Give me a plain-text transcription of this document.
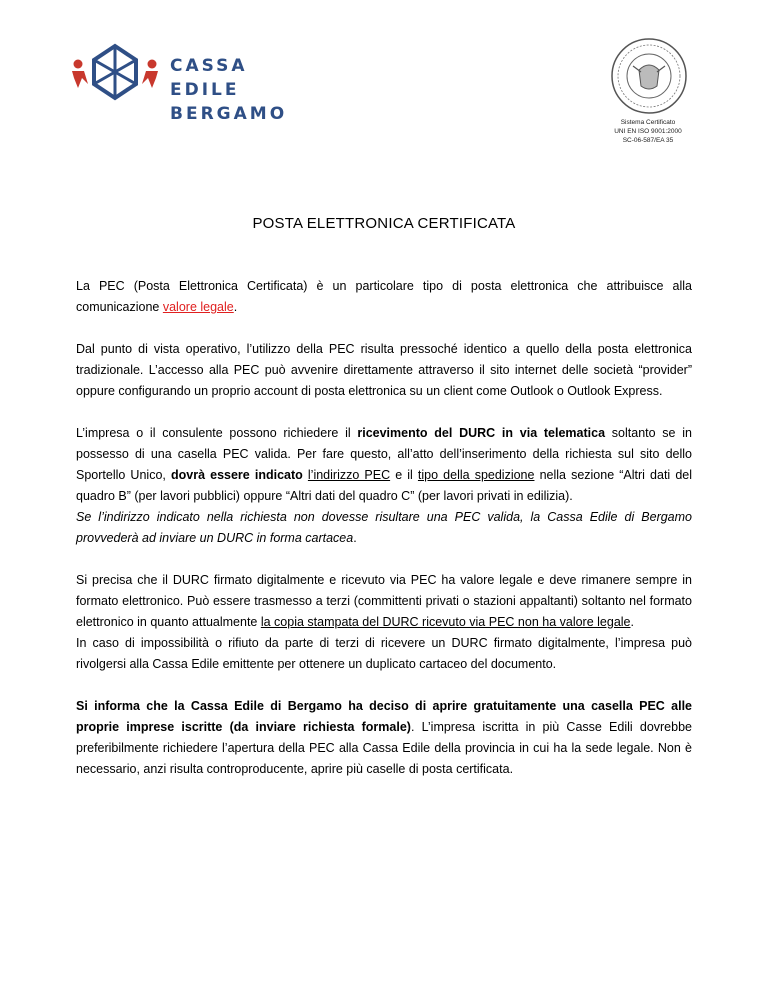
CASSA EDILE
BERGAMO	Sistema Certificato
UNI EN ISO 9001:2000
SC-06-587/EA 35
POSTA ELETTRONICA CERTIFICATA

La PEC (Posta Elettronica Certificata) è un particolare tipo di posta elettronica che attribuisce alla comunicazione valore legale.

Dal punto di vista operativo, l’utilizzo della PEC risulta pressoché identico a quello della posta elettronica tradizionale. L’accesso alla PEC può avvenire direttamente attraverso il sito internet delle società “provider” oppure configurando un proprio account di posta elettronica su un client come Outlook o Outlook Express.

L’impresa o il consulente possono richiedere il ricevimento del DURC in via telematica soltanto se in possesso di una casella PEC valida. Per fare questo, all’atto dell’inserimento della richiesta sul sito dello Sportello Unico, dovrà essere indicato l’indirizzo PEC e il tipo della spedizione nella sezione “Altri dati del quadro B” (per lavori pubblici) oppure “Altri dati del quadro C” (per lavori privati in edilizia).
Se l’indirizzo indicato nella richiesta non dovesse risultare una PEC valida, la Cassa Edile di Bergamo provvederà ad inviare un DURC in forma cartacea.

Si precisa che il DURC firmato digitalmente e ricevuto via PEC ha valore legale e deve rimanere sempre in formato elettronico. Può essere trasmesso a terzi (committenti privati o stazioni appaltanti) soltanto nel formato elettronico in quanto attualmente la copia stampata del DURC ricevuto via PEC non ha valore legale.
In caso di impossibilità o rifiuto da parte di terzi di ricevere un DURC firmato digitalmente, l’impresa può rivolgersi alla Cassa Edile emittente per ottenere un duplicato cartaceo del documento.

Si informa che la Cassa Edile di Bergamo ha deciso di aprire gratuitamente una casella PEC alle proprie imprese iscritte (da inviare richiesta formale). L’impresa iscritta in più Casse Edili dovrebbe preferibilmente richiedere l’apertura della PEC alla Cassa Edile della provincia in cui ha la sede legale. Non è necessario, anzi risulta controproducente, aprire più caselle di posta certificata.
